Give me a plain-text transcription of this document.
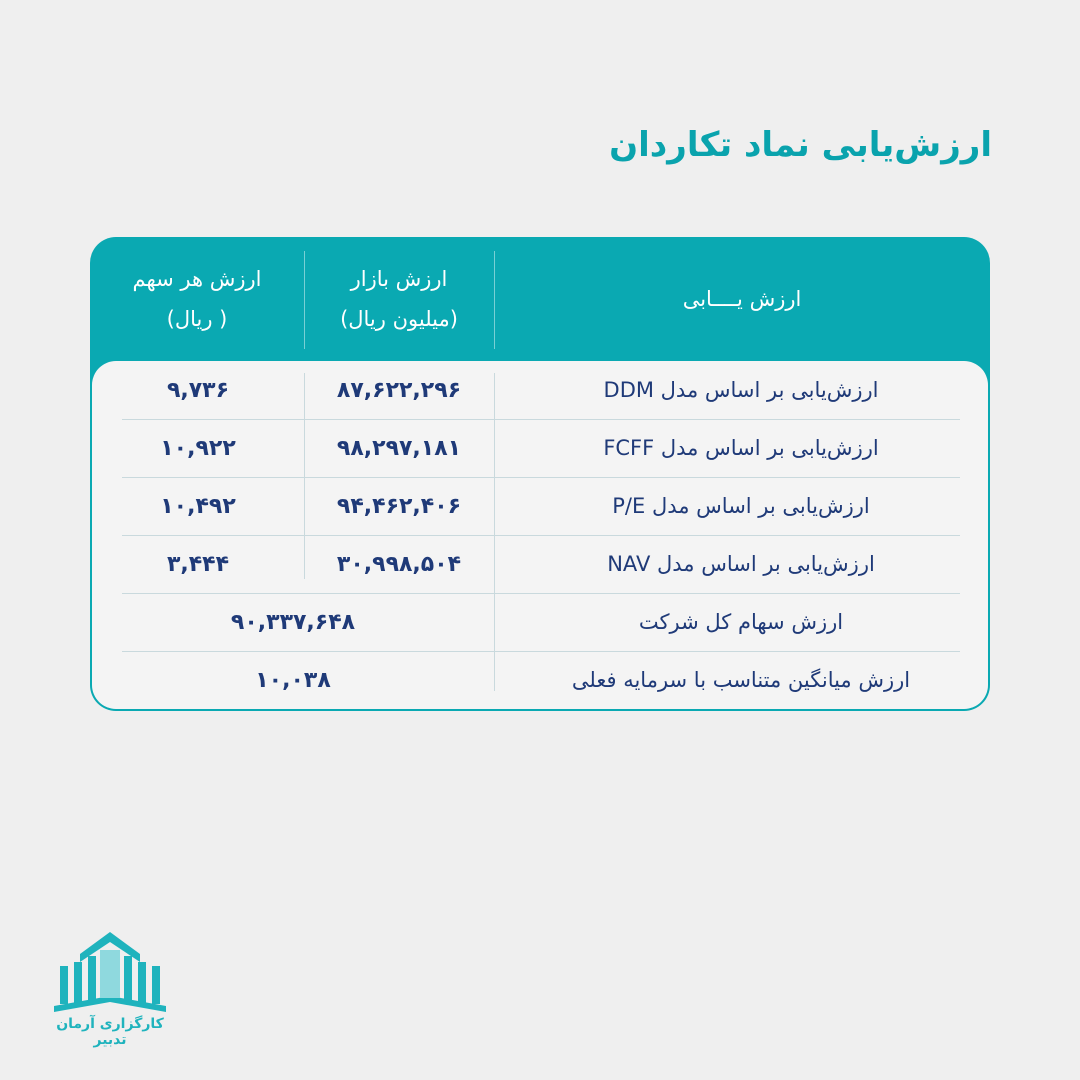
ارزش‌یابی نماد تکاردان
ارزش یــــابی
ارزش بازار
(میلیون ریال)
ارزش هر سهم
( ریال)
ارزش‌یابی بر اساس مدل DDM
۸۷,۶۲۲,۲۹۶
۹,۷۳۶
ارزش‌یابی بر اساس مدل FCFF
۹۸,۲۹۷,۱۸۱
۱۰,۹۲۲
ارزش‌یابی بر اساس مدل P/E
۹۴,۴۶۲,۴۰۶
۱۰,۴۹۲
ارزش‌یابی بر اساس مدل NAV
۳۰,۹۹۸,۵۰۴
۳,۴۴۴
ارزش سهام کل شرکت
۹۰,۳۳۷,۶۴۸
ارزش میانگین متناسب با سرمایه فعلی
۱۰,۰۳۸
کارگزاری آرمان تدبیر
